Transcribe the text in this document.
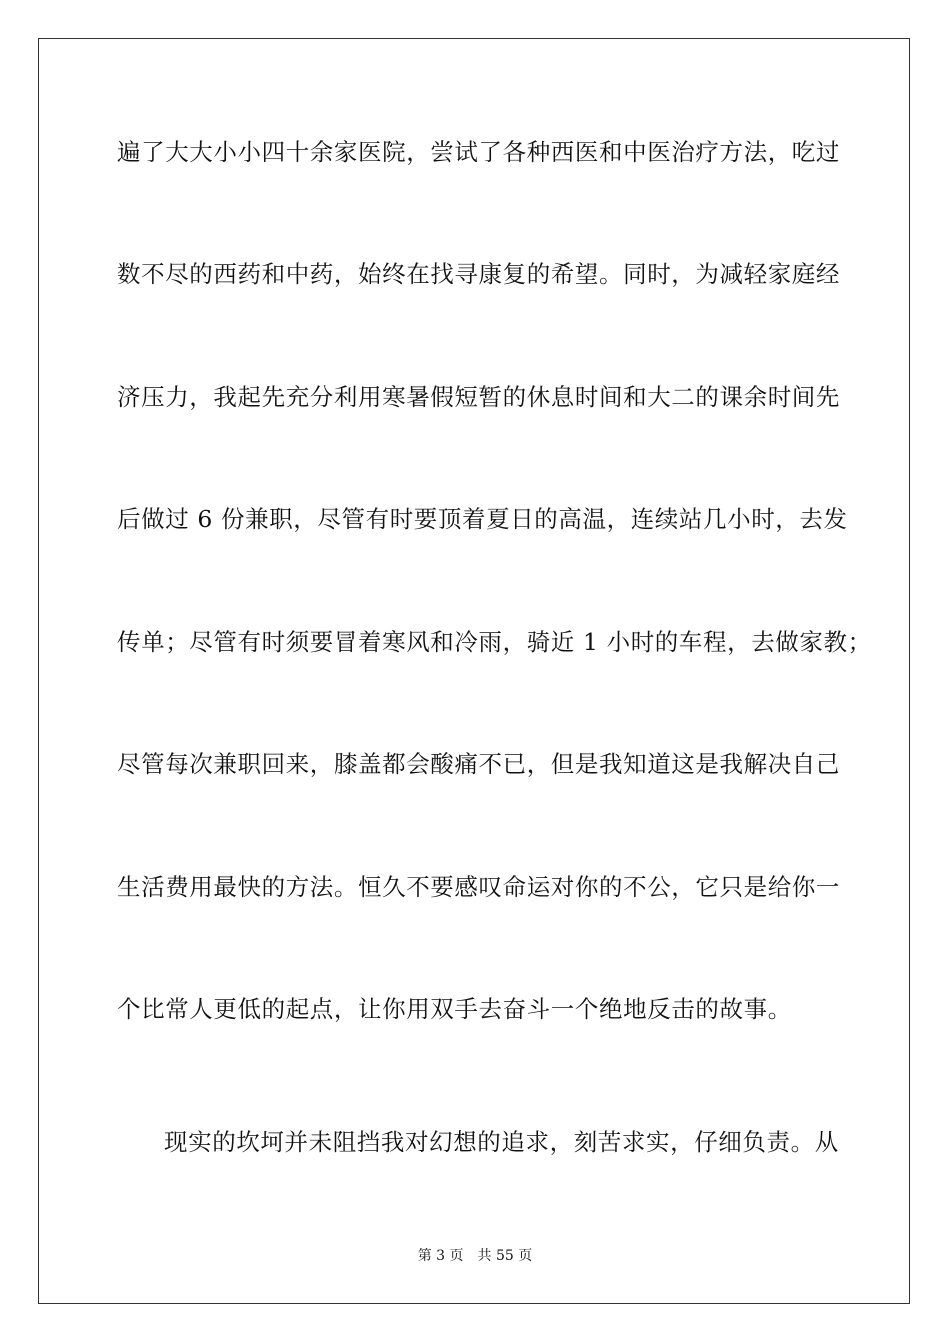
遍了大大小小四十余家医院，尝试了各种西医和中医治疗方法，吃过
数不尽的西药和中药，始终在找寻康复的希望。同时，为减轻家庭经
济压力，我起先充分利用寒暑假短暂的休息时间和大二的课余时间先
后做过 6 份兼职，尽管有时要顶着夏日的高温，连续站几小时，去发
传单；尽管有时须要冒着寒风和冷雨，骑近 1 小时的车程，去做家教；
尽管每次兼职回来，膝盖都会酸痛不已，但是我知道这是我解决自己
生活费用最快的方法。恒久不要感叹命运对你的不公，它只是给你一
个比常人更低的起点，让你用双手去奋斗一个绝地反击的故事。
现实的坎坷并未阻挡我对幻想的追求，刻苦求实，仔细负责。从
第 3 页 共 55 页
